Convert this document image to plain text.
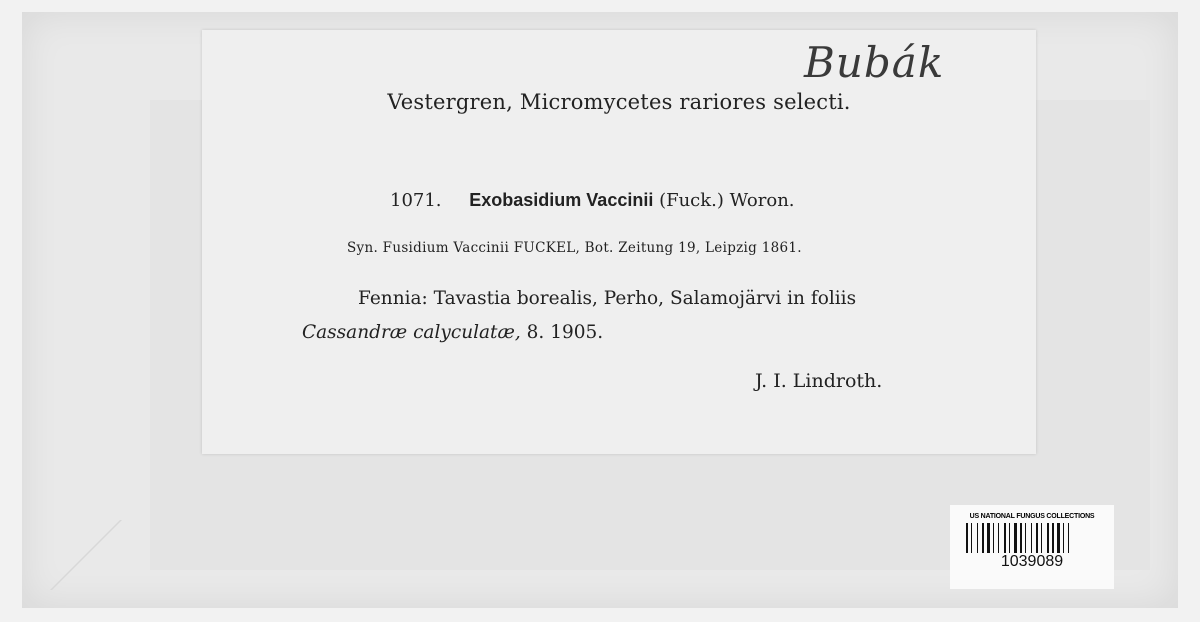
Bubák
Vestergren, Micromycetes rariores selecti.
1071. Exobasidium Vaccinii (Fuck.) Woron.
Syn. Fusidium Vaccinii FUCKEL, Bot. Zeitung 19, Leipzig 1861.
Fennia: Tavastia borealis, Perho, Salamojärvi in foliis
Cassandræ calyculatæ, 8. 1905.
J. I. Lindroth.
US NATIONAL FUNGUS COLLECTIONS
1039089
